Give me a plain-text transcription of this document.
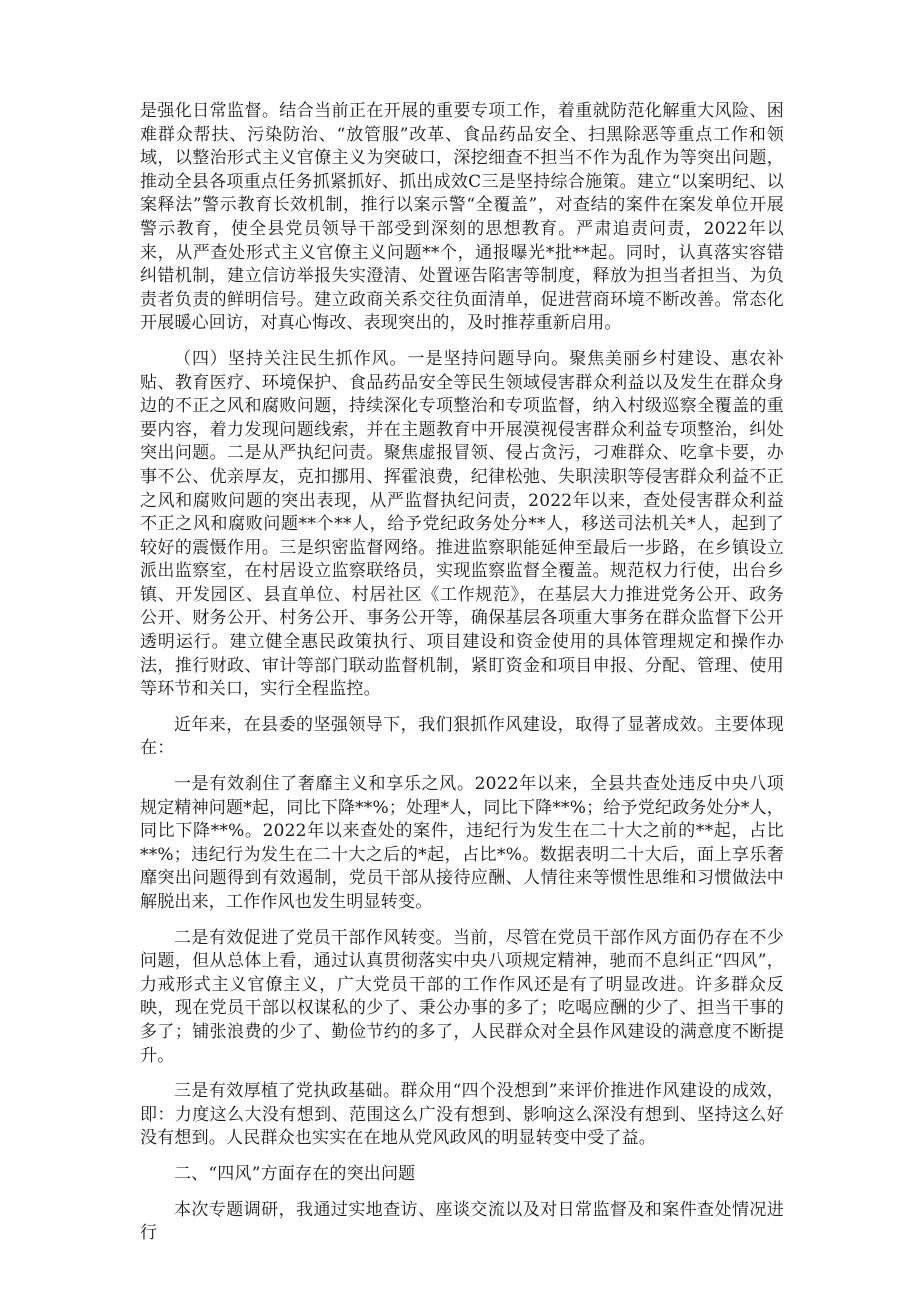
是强化日常监督。结合当前正在开展的重要专项工作，着重就防范化解重大风险、困难群众帮扶、污染防治、“放管服”改革、食品药品安全、扫黑除恶等重点工作和领域，以整治形式主义官僚主义为突破口，深挖细查不担当不作为乱作为等突出问题，推动全县各项重点任务抓紧抓好、抓出成效C三是坚持综合施策。建立“以案明纪、以案释法”警示教育长效机制，推行以案示警“全覆盖”，对查结的案件在案发单位开展警示教育，使全县党员领导干部受到深刻的思想教育。严肃追责问责，2022年以来，从严查处形式主义官僚主义问题**个，通报曝光*批**起。同时，认真落实容错纠错机制，建立信访举报失实澄清、处置诬告陷害等制度，释放为担当者担当、为负责者负责的鲜明信号。建立政商关系交往负面清单，促进营商环境不断改善。常态化开展暖心回访，对真心悔改、表现突出的，及时推荐重新启用。

（四）坚持关注民生抓作风。一是坚持问题导向。聚焦美丽乡村建设、惠农补贴、教育医疗、环境保护、食品药品安全等民生领域侵害群众利益以及发生在群众身边的不正之风和腐败问题，持续深化专项整治和专项监督，纳入村级巡察全覆盖的重要内容，着力发现问题线索，并在主题教育中开展漠视侵害群众利益专项整治，纠处突出问题。二是从严执纪问责。聚焦虚报冒领、侵占贪污，刁难群众、吃拿卡要，办事不公、优亲厚友，克扣挪用、挥霍浪费，纪律松弛、失职渎职等侵害群众利益不正之风和腐败问题的突出表现，从严监督执纪问责，2022年以来，查处侵害群众利益不正之风和腐败问题**个**人，给予党纪政务处分**人，移送司法机关*人，起到了较好的震慑作用。三是织密监督网络。推进监察职能延伸至最后一步路，在乡镇设立派出监察室，在村居设立监察联络员，实现监察监督全覆盖。规范权力行使，出台乡镇、开发园区、县直单位、村居社区《工作规范》，在基层大力推进党务公开、政务公开、财务公开、村务公开、事务公开等，确保基层各项重大事务在群众监督下公开透明运行。建立健全惠民政策执行、项目建设和资金使用的具体管理规定和操作办法，推行财政、审计等部门联动监督机制，紧盯资金和项目申报、分配、管理、使用等环节和关口，实行全程监控。

近年来，在县委的坚强领导下，我们狠抓作风建设，取得了显著成效。主要体现在：

一是有效刹住了奢靡主义和享乐之风。2022年以来，全县共查处违反中央八项规定精神问题*起，同比下降**%；处理*人，同比下降**%；给予党纪政务处分*人，同比下降**%。2022年以来查处的案件，违纪行为发生在二十大之前的**起，占比**%；违纪行为发生在二十大之后的*起，占比*%。数据表明二十大后，面上享乐奢靡突出问题得到有效遏制，党员干部从接待应酬、人情往来等惯性思维和习惯做法中解脱出来，工作作风也发生明显转变。

二是有效促进了党员干部作风转变。当前，尽管在党员干部作风方面仍存在不少问题，但从总体上看，通过认真贯彻落实中央八项规定精神，驰而不息纠正“四风”，力戒形式主义官僚主义，广大党员干部的工作作风还是有了明显改进。许多群众反映，现在党员干部以权谋私的少了、秉公办事的多了；吃喝应酬的少了、担当干事的多了；铺张浪费的少了、勤俭节约的多了，人民群众对全县作风建设的满意度不断提升。

三是有效厚植了党执政基础。群众用“四个没想到”来评价推进作风建设的成效，即：力度这么大没有想到、范围这么广没有想到、影响这么深没有想到、坚持这么好没有想到。人民群众也实实在在地从党风政风的明显转变中受了益。

二、“四风”方面存在的突出问题

本次专题调研，我通过实地查访、座谈交流以及对日常监督及和案件查处情况进行
